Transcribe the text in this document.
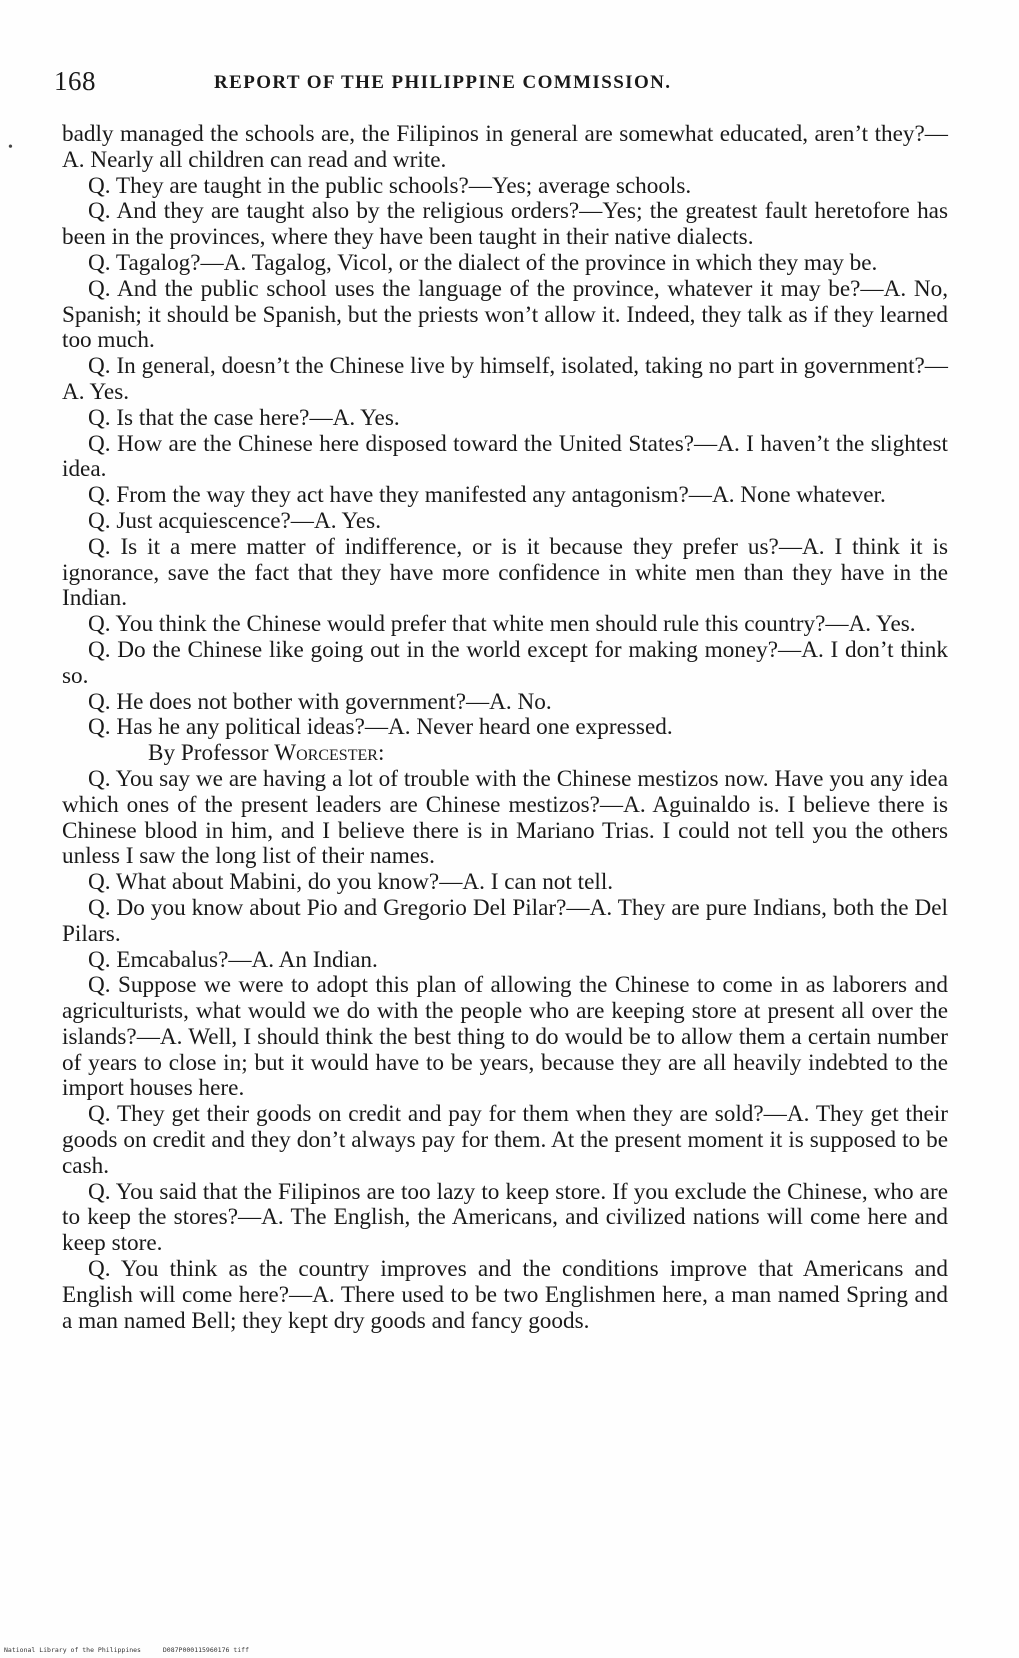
168	REPORT OF THE PHILIPPINE COMMISSION.
•

badly managed the schools are, the Filipinos in general are somewhat educated, aren’t they?—A. Nearly all children can read and write.

Q. They are taught in the public schools?—Yes; average schools.

Q. And they are taught also by the religious orders?—Yes; the greatest fault heretofore has been in the provinces, where they have been taught in their native dialects.

Q. Tagalog?—A. Tagalog, Vicol, or the dialect of the province in which they may be.

Q. And the public school uses the language of the province, whatever it may be?—A. No, Spanish; it should be Spanish, but the priests won’t allow it. Indeed, they talk as if they learned too much.

Q. In general, doesn’t the Chinese live by himself, isolated, taking no part in government?—A. Yes.

Q. Is that the case here?—A. Yes.

Q. How are the Chinese here disposed toward the United States?—A. I haven’t the slightest idea.

Q. From the way they act have they manifested any antagonism?—A. None whatever.

Q. Just acquiescence?—A. Yes.

Q. Is it a mere matter of indifference, or is it because they prefer us?—A. I think it is ignorance, save the fact that they have more confidence in white men than they have in the Indian.

Q. You think the Chinese would prefer that white men should rule this country?—A. Yes.

Q. Do the Chinese like going out in the world except for making money?—A. I don’t think so.

Q. He does not bother with government?—A. No.

Q. Has he any political ideas?—A. Never heard one expressed.

By Professor Worcester:

Q. You say we are having a lot of trouble with the Chinese mestizos now. Have you any idea which ones of the present leaders are Chinese mestizos?—A. Aguinaldo is. I believe there is Chinese blood in him, and I believe there is in Mariano Trias. I could not tell you the others unless I saw the long list of their names.

Q. What about Mabini, do you know?—A. I can not tell.

Q. Do you know about Pio and Gregorio Del Pilar?—A. They are pure Indians, both the Del Pilars.

Q. Emcabalus?—A. An Indian.

Q. Suppose we were to adopt this plan of allowing the Chinese to come in as laborers and agriculturists, what would we do with the people who are keeping store at present all over the islands?—A. Well, I should think the best thing to do would be to allow them a certain number of years to close in; but it would have to be years, because they are all heavily indebted to the import houses here.

Q. They get their goods on credit and pay for them when they are sold?—A. They get their goods on credit and they don’t always pay for them. At the present moment it is supposed to be cash.

Q. You said that the Filipinos are too lazy to keep store. If you exclude the Chinese, who are to keep the stores?—A. The English, the Americans, and civilized nations will come here and keep store.

Q. You think as the country improves and the conditions improve that Americans and English will come here?—A. There used to be two Englishmen here, a man named Spring and a man named Bell; they kept dry goods and fancy goods.

National Library of the Philippines	D087P000115960176 tiff
